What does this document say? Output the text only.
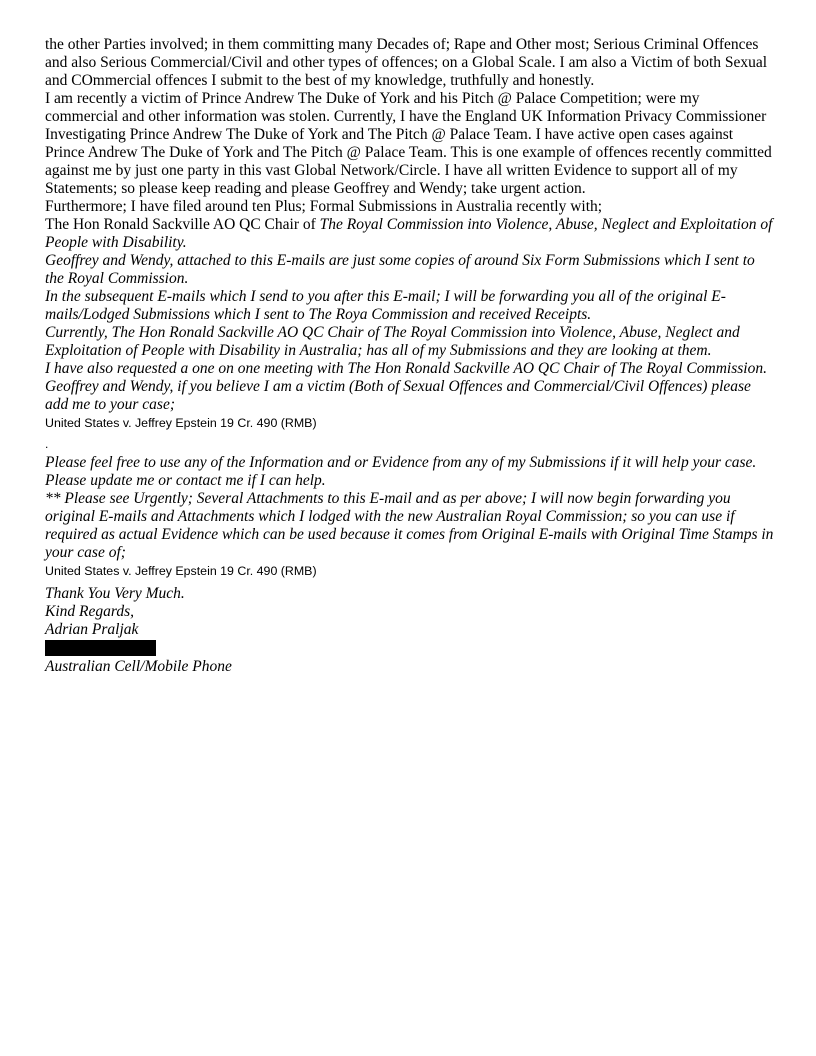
the other Parties involved; in them committing many Decades of; Rape and Other most; Serious Criminal Offences and also Serious Commercial/Civil and other types of offences; on a Global Scale. I am also a Victim of both Sexual and COmmercial offences I submit to the best of my knowledge, truthfully and honestly.

I am recently a victim of Prince Andrew The Duke of York and his Pitch @ Palace Competition; were my commercial and other information was stolen. Currently, I have the England UK Information Privacy Commissioner Investigating Prince Andrew The Duke of York and The Pitch @ Palace Team. I have active open cases against Prince Andrew The Duke of York and The Pitch @ Palace Team. This is one example of offences recently committed against me by just one party in this vast Global Network/Circle. I have all written Evidence to support all of my Statements; so please keep reading and please Geoffrey and Wendy; take urgent action.

Furthermore; I have filed around ten Plus; Formal Submissions in Australia recently with;

The Hon Ronald Sackville AO QC Chair of The Royal Commission into Violence, Abuse, Neglect and Exploitation of People with Disability.

Geoffrey and Wendy, attached to this E-mails are just some copies of around Six Form Submissions which I sent to the Royal Commission.

In the subsequent E-mails which I send to you after this E-mail; I will be forwarding you all of the original E-mails/Lodged Submissions which I sent to The Roya Commission and received Receipts.

Currently, The Hon Ronald Sackville AO QC Chair of The Royal Commission into Violence, Abuse, Neglect and Exploitation of People with Disability in Australia; has all of my Submissions and they are looking at them.

I have also requested a one on one meeting with The Hon Ronald Sackville AO QC Chair of The Royal Commission.

Geoffrey and Wendy, if you believe I am a victim (Both of Sexual Offences and Commercial/Civil Offences) please add me to your case;

United States v. Jeffrey Epstein 19 Cr. 490 (RMB)

.

Please feel free to use any of the Information and or Evidence from any of my Submissions if it will help your case.

Please update me or contact me if I can help.

** Please see Urgently; Several Attachments to this E-mail and as per above; I will now begin forwarding you original E-mails and Attachments which I lodged with the new Australian Royal Commission; so you can use if required as actual Evidence which can be used because it comes from Original E-mails with Original Time Stamps in your case of;

United States v. Jeffrey Epstein 19 Cr. 490 (RMB)

Thank You Very Much.

Kind Regards,

Adrian Praljak

Australian Cell/Mobile Phone
